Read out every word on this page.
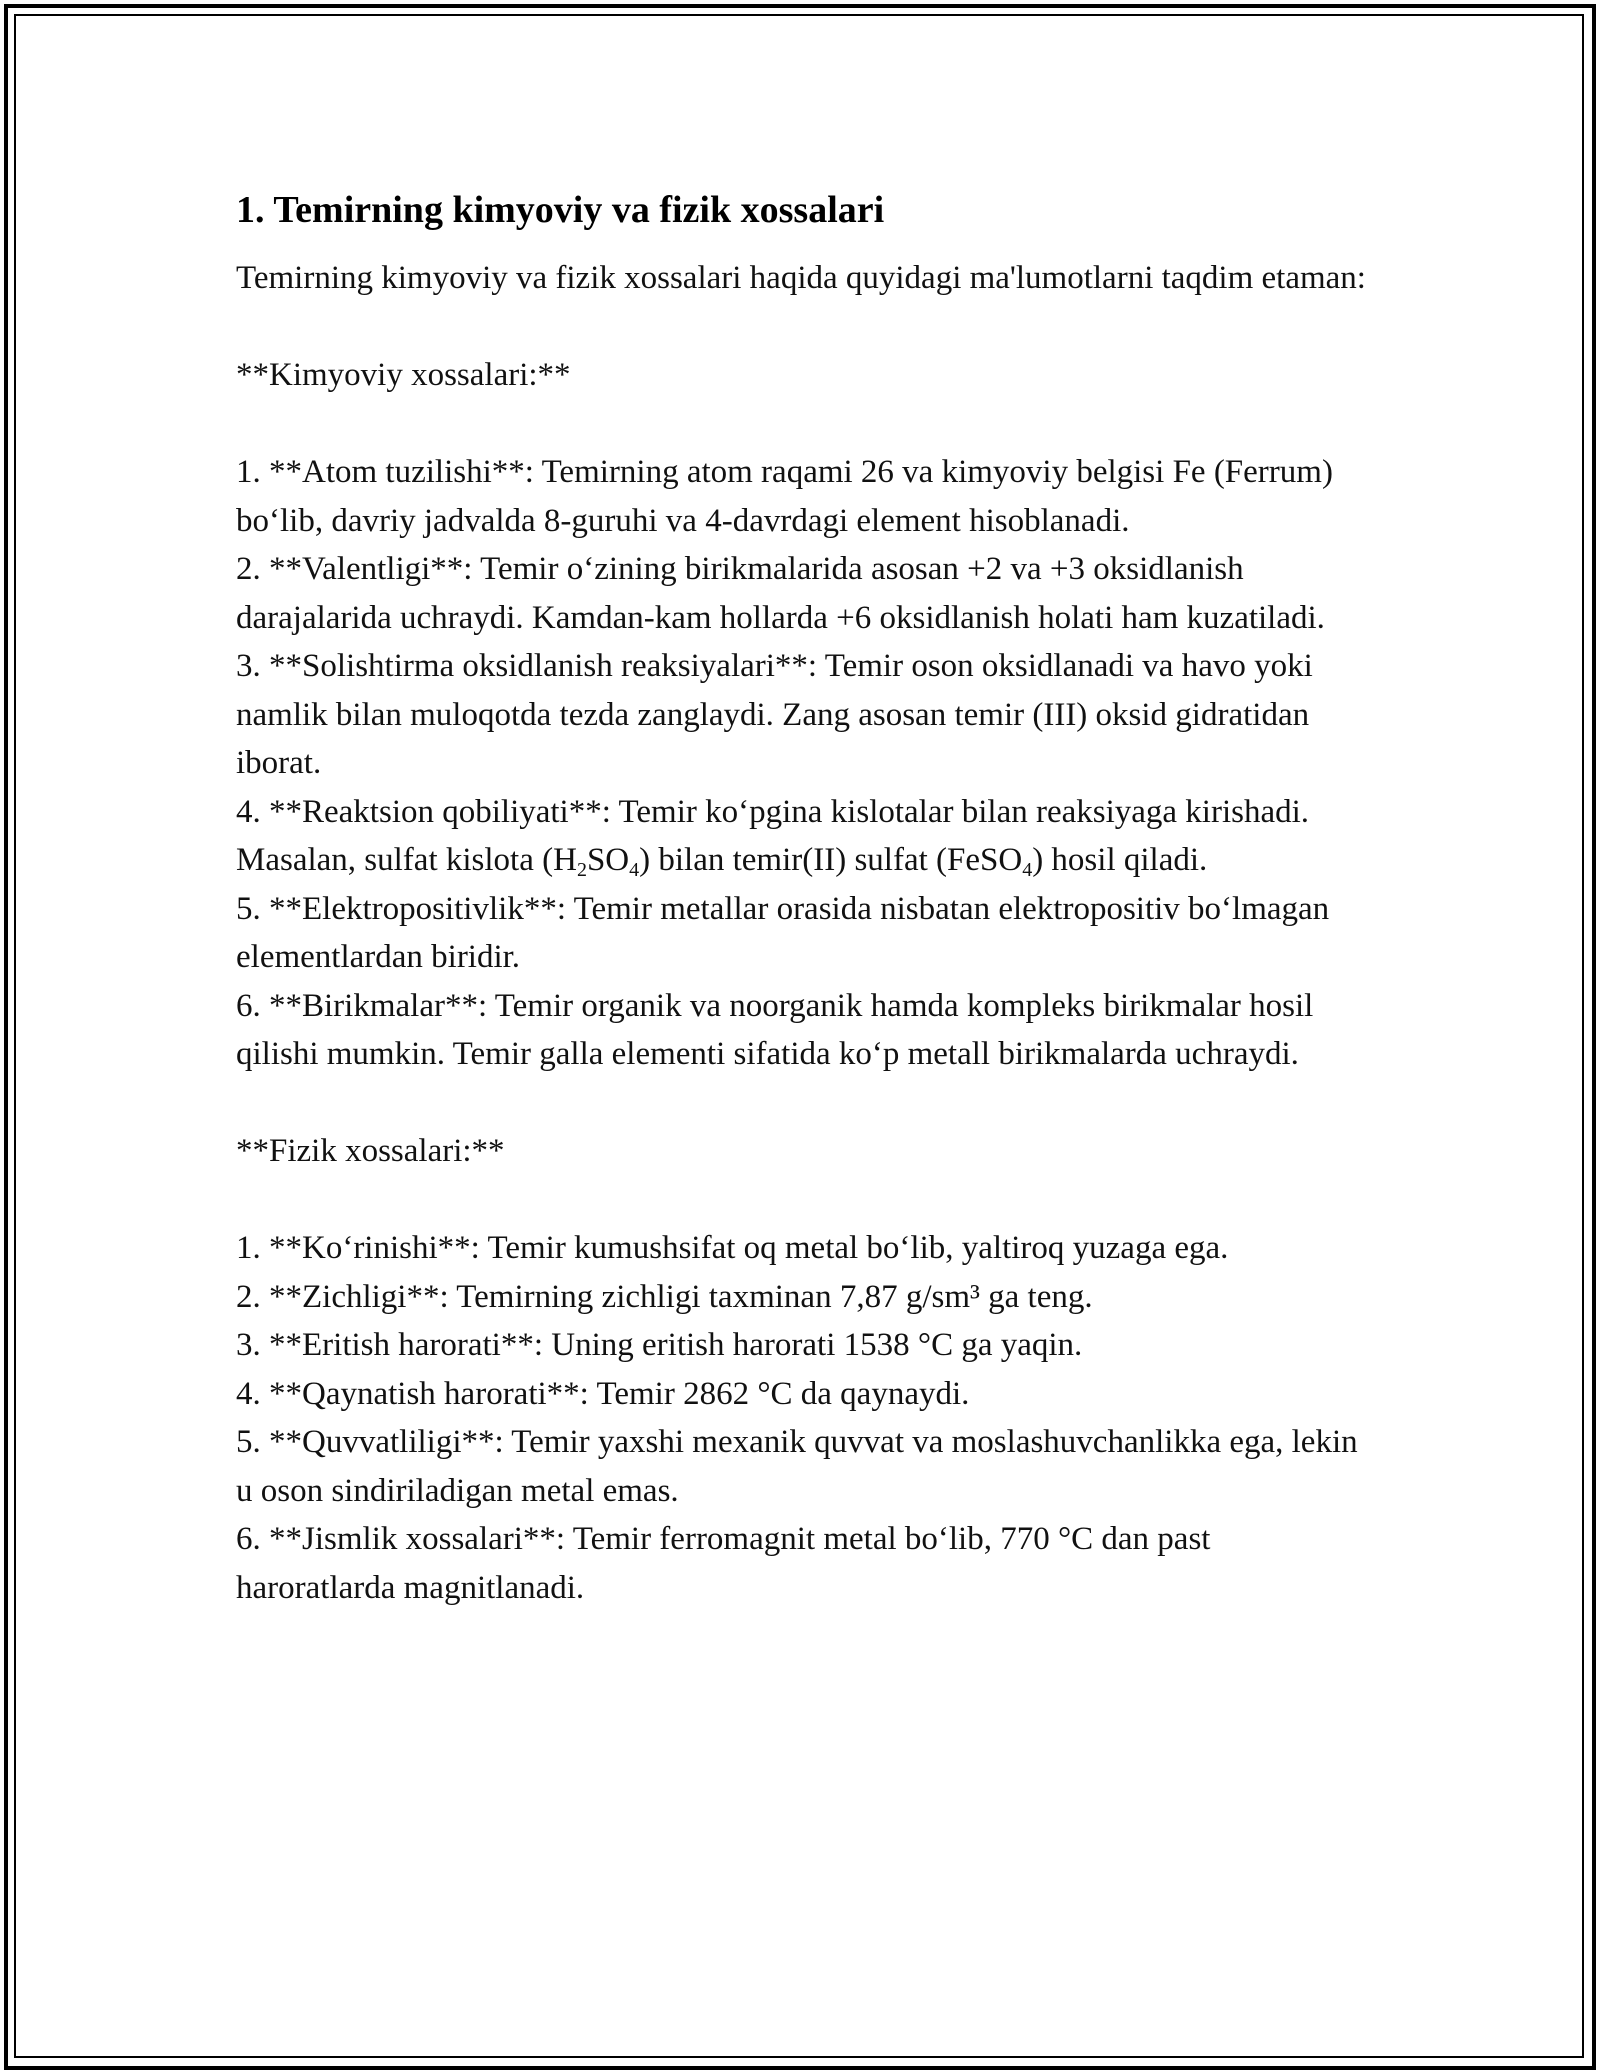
1. Temirning kimyoviy va fizik xossalari

Temirning kimyoviy va fizik xossalari haqida quyidagi ma'lumotlarni taqdim etaman:

**Kimyoviy xossalari:**

1. **Atom tuzilishi**: Temirning atom raqami 26 va kimyoviy belgisi Fe (Ferrum) bo‘lib, davriy jadvalda 8-guruhi va 4-davrdagi element hisoblanadi.

2. **Valentligi**: Temir o‘zining birikmalarida asosan +2 va +3 oksidlanish darajalarida uchraydi. Kamdan-kam hollarda +6 oksidlanish holati ham kuzatiladi.

3. **Solishtirma oksidlanish reaksiyalari**: Temir oson oksidlanadi va havo yoki namlik bilan muloqotda tezda zanglaydi. Zang asosan temir (III) oksid gidratidan iborat.

4. **Reaktsion qobiliyati**: Temir ko‘pgina kislotalar bilan reaksiyaga kirishadi. Masalan, sulfat kislota $(H_2SO_4)$ bilan temir(II) sulfat (FeSO$_4$) hosil qiladi.

5. **Elektropositivlik**: Temir metallar orasida nisbatan elektropositiv bo‘lmagan elementlardan biridir.

6. **Birikmalar**: Temir organik va noorganik hamda kompleks birikmalar hosil qilishi mumkin. Temir galla elementi sifatida ko‘p metall birikmalarda uchraydi.

**Fizik xossalari:**

1. **Ko‘rinishi**: Temir kumushsifat oq metal bo‘lib, yaltiroq yuzaga ega.

2. **Zichligi**: Temirning zichligi taxminan 7,87 g/sm³ ga teng.

3. **Eritish harorati**: Uning eritish harorati 1538 °C ga yaqin.

4. **Qaynatish harorati**: Temir 2862 °C da qaynaydi.

5. **Quvvatliligi**: Temir yaxshi mexanik quvvat va moslashuvchanlikka ega, lekin u oson sindiriladigan metal emas.

6. **Jismlik xossalari**: Temir ferromagnit metal bo‘lib, 770 °C dan past haroratlarda magnitlanadi.
